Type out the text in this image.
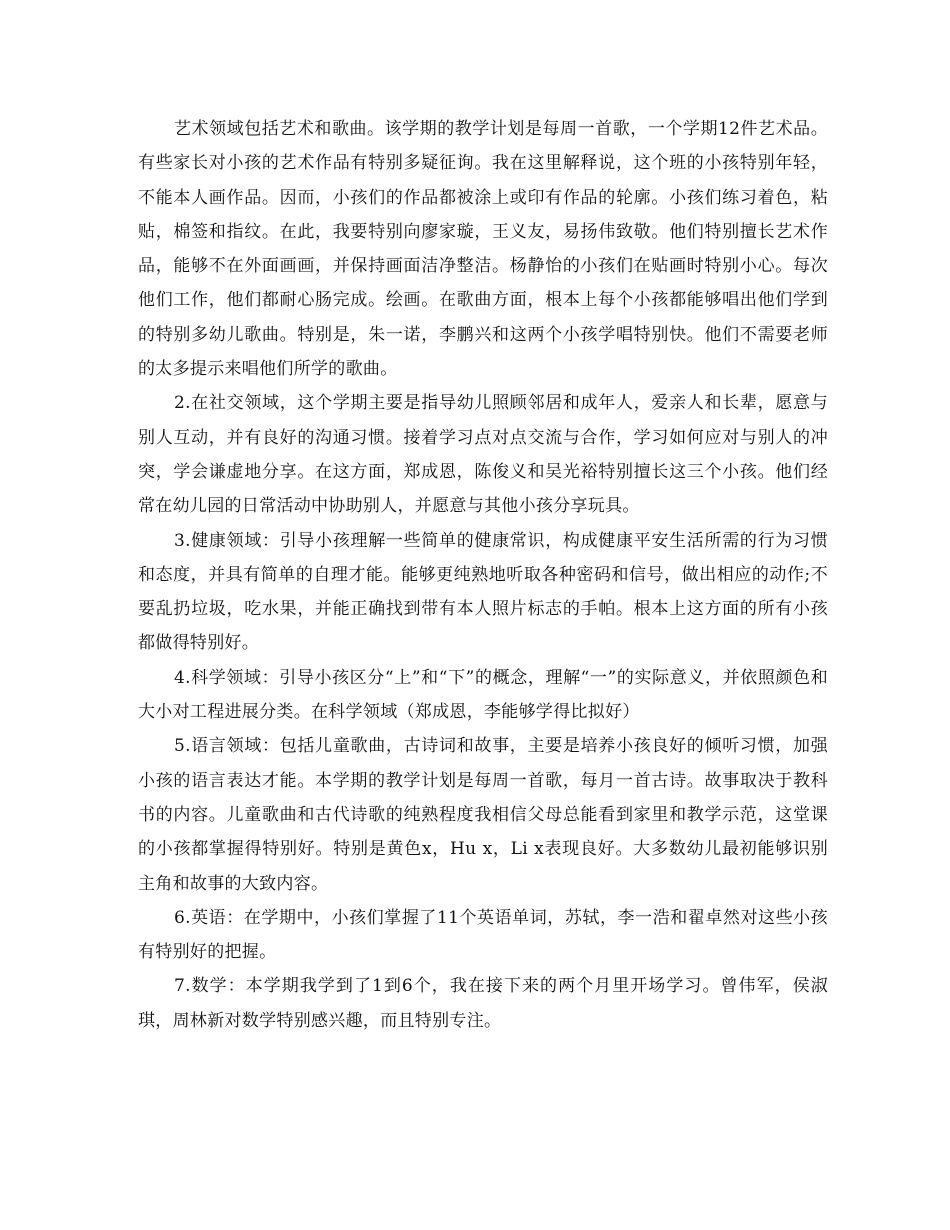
艺术领域包括艺术和歌曲。该学期的教学计划是每周一首歌，一个学期12件艺术品。有些家长对小孩的艺术作品有特别多疑征询。我在这里解释说，这个班的小孩特别年轻，不能本人画作品。因而，小孩们的作品都被涂上或印有作品的轮廓。小孩们练习着色，粘贴，棉签和指纹。在此，我要特别向廖家璇，王义友，易扬伟致敬。他们特别擅长艺术作品，能够不在外面画画，并保持画面洁净整洁。杨静怡的小孩们在贴画时特别小心。每次他们工作，他们都耐心肠完成。绘画。在歌曲方面，根本上每个小孩都能够唱出他们学到的特别多幼儿歌曲。特别是，朱一诺，李鹏兴和这两个小孩学唱特别快。他们不需要老师的太多提示来唱他们所学的歌曲。

2.在社交领域，这个学期主要是指导幼儿照顾邻居和成年人，爱亲人和长辈，愿意与别人互动，并有良好的沟通习惯。接着学习点对点交流与合作，学习如何应对与别人的冲突，学会谦虚地分享。在这方面，郑成恩，陈俊义和吴光裕特别擅长这三个小孩。他们经常在幼儿园的日常活动中协助别人，并愿意与其他小孩分享玩具。

3.健康领域：引导小孩理解一些简单的健康常识，构成健康平安生活所需的行为习惯和态度，并具有简单的自理才能。能够更纯熟地听取各种密码和信号，做出相应的动作;不要乱扔垃圾，吃水果，并能正确找到带有本人照片标志的手帕。根本上这方面的所有小孩都做得特别好。

4.科学领域：引导小孩区分“上”和“下”的概念，理解“一”的实际意义，并依照颜色和大小对工程进展分类。在科学领域（郑成恩，李能够学得比拟好）

5.语言领域：包括儿童歌曲，古诗词和故事，主要是培养小孩良好的倾听习惯，加强小孩的语言表达才能。本学期的教学计划是每周一首歌，每月一首古诗。故事取决于教科书的内容。儿童歌曲和古代诗歌的纯熟程度我相信父母总能看到家里和教学示范，这堂课的小孩都掌握得特别好。特别是黄色x，Hu x，Li x表现良好。大多数幼儿最初能够识别主角和故事的大致内容。

6.英语：在学期中，小孩们掌握了11个英语单词，苏轼，李一浩和翟卓然对这些小孩有特别好的把握。

7.数学：本学期我学到了1到6个，我在接下来的两个月里开场学习。曾伟军，侯淑琪，周林新对数学特别感兴趣，而且特别专注。
